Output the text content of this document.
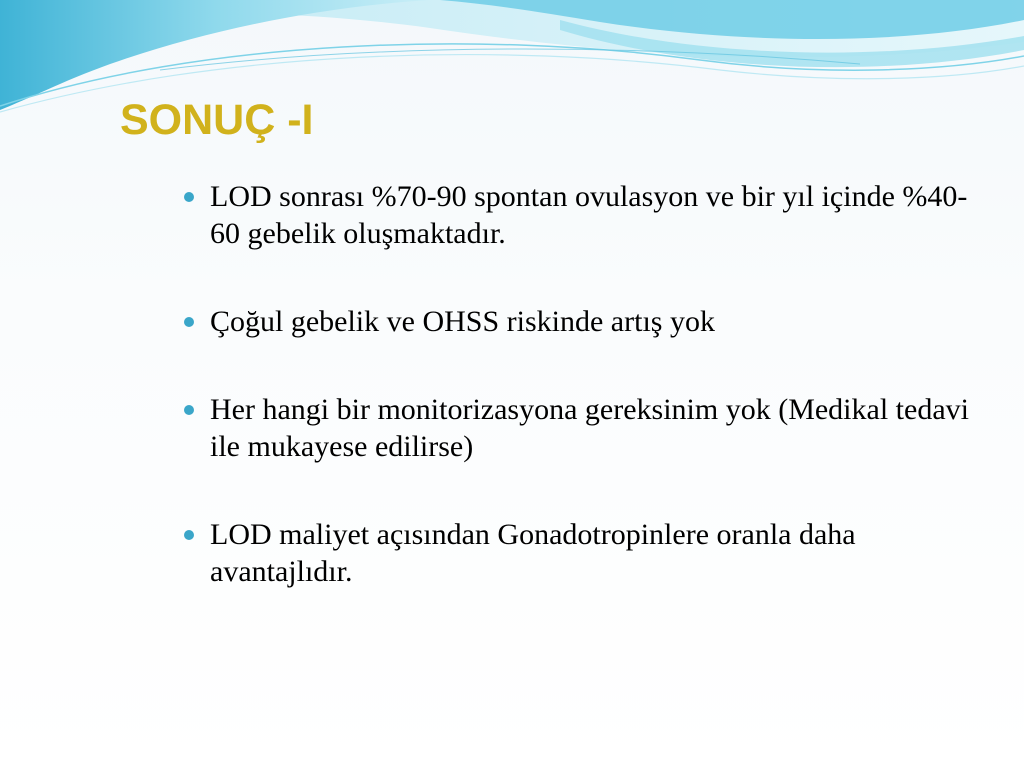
SONUÇ -I
LOD sonrası %70-90 spontan ovulasyon ve bir yıl içinde %40-60 gebelik oluşmaktadır.
Çoğul gebelik ve OHSS riskinde artış yok
Her hangi bir monitorizasyona gereksinim yok (Medikal tedavi ile mukayese edilirse)
LOD maliyet açısından Gonadotropinlere oranla daha avantajlıdır.
